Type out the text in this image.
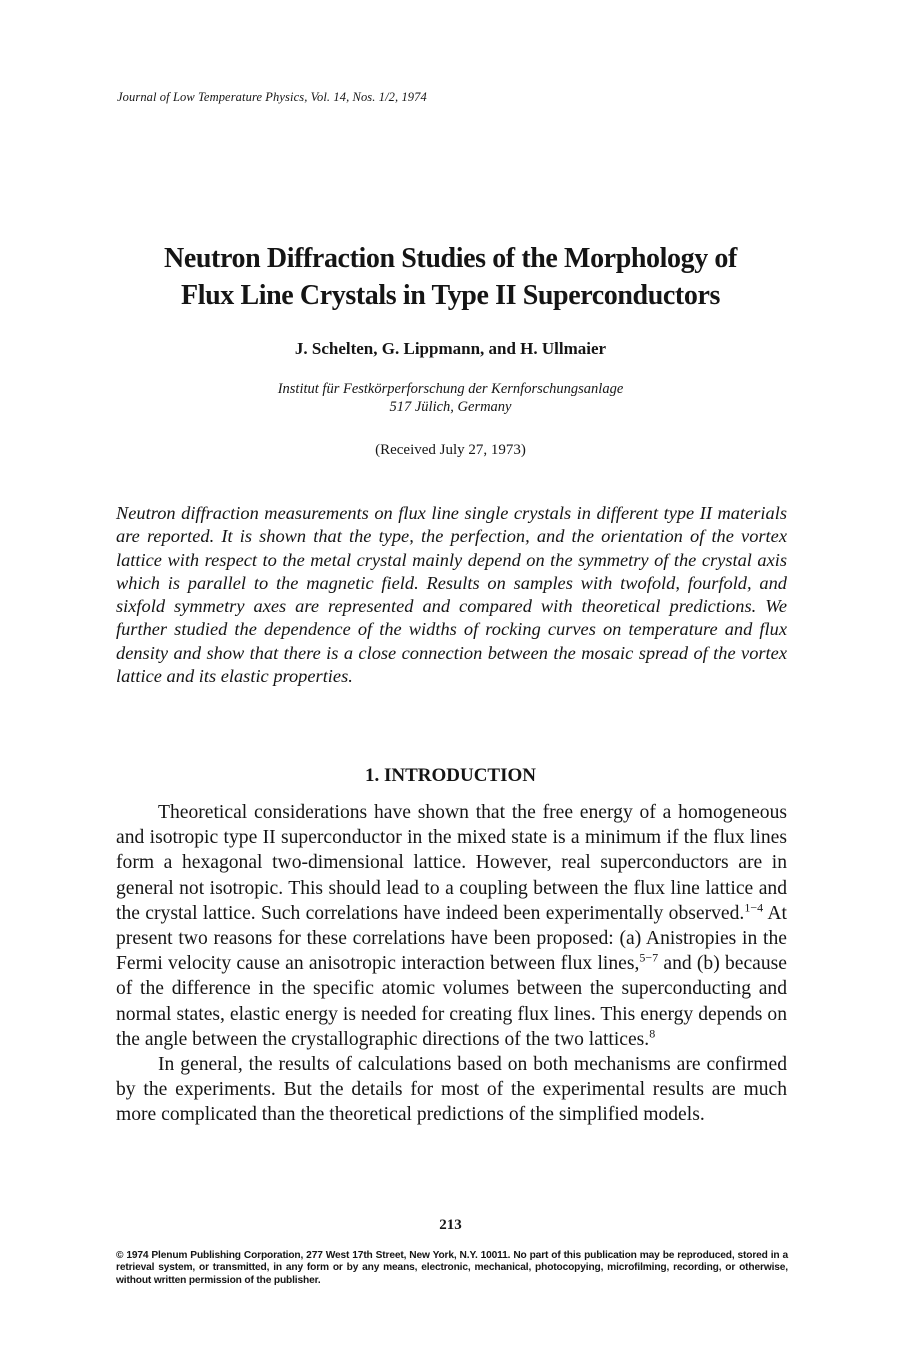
Journal of Low Temperature Physics, Vol. 14, Nos. 1/2, 1974
Neutron Diffraction Studies of the Morphology of
Flux Line Crystals in Type II Superconductors
J. Schelten, G. Lippmann, and H. Ullmaier
Institut für Festkörperforschung der Kernforschungsanlage
517 Jülich, Germany
(Received July 27, 1973)

Neutron diffraction measurements on flux line single crystals in different type II materials are reported. It is shown that the type, the perfection, and the orientation of the vortex lattice with respect to the metal crystal mainly depend on the symmetry of the crystal axis which is parallel to the magnetic field. Results on samples with twofold, fourfold, and sixfold symmetry axes are represented and compared with theoretical predictions. We further studied the dependence of the widths of rocking curves on temperature and flux density and show that there is a close connection between the mosaic spread of the vortex lattice and its elastic properties.

1. INTRODUCTION

Theoretical considerations have shown that the free energy of a homogeneous and isotropic type II superconductor in the mixed state is a minimum if the flux lines form a hexagonal two-dimensional lattice. However, real superconductors are in general not isotropic. This should lead to a coupling between the flux line lattice and the crystal lattice. Such correlations have indeed been experimentally observed.$^{1-4}$ At present two reasons for these correlations have been proposed: (a) Anistropies in the Fermi velocity cause an anisotropic interaction between flux lines,$^{5-7}$ and (b) because of the difference in the specific atomic volumes between the superconducting and normal states, elastic energy is needed for creating flux lines. This energy depends on the angle between the crystallographic directions of the two lattices.$^8$

In general, the results of calculations based on both mechanisms are confirmed by the experiments. But the details for most of the experimental results are much more complicated than the theoretical predictions of the simplified models.

213
© 1974 Plenum Publishing Corporation, 277 West 17th Street, New York, N.Y. 10011. No part of this publication may be reproduced, stored in a retrieval system, or transmitted, in any form or by any means, electronic, mechanical, photocopying, microfilming, recording, or otherwise, without written permission of the publisher.
